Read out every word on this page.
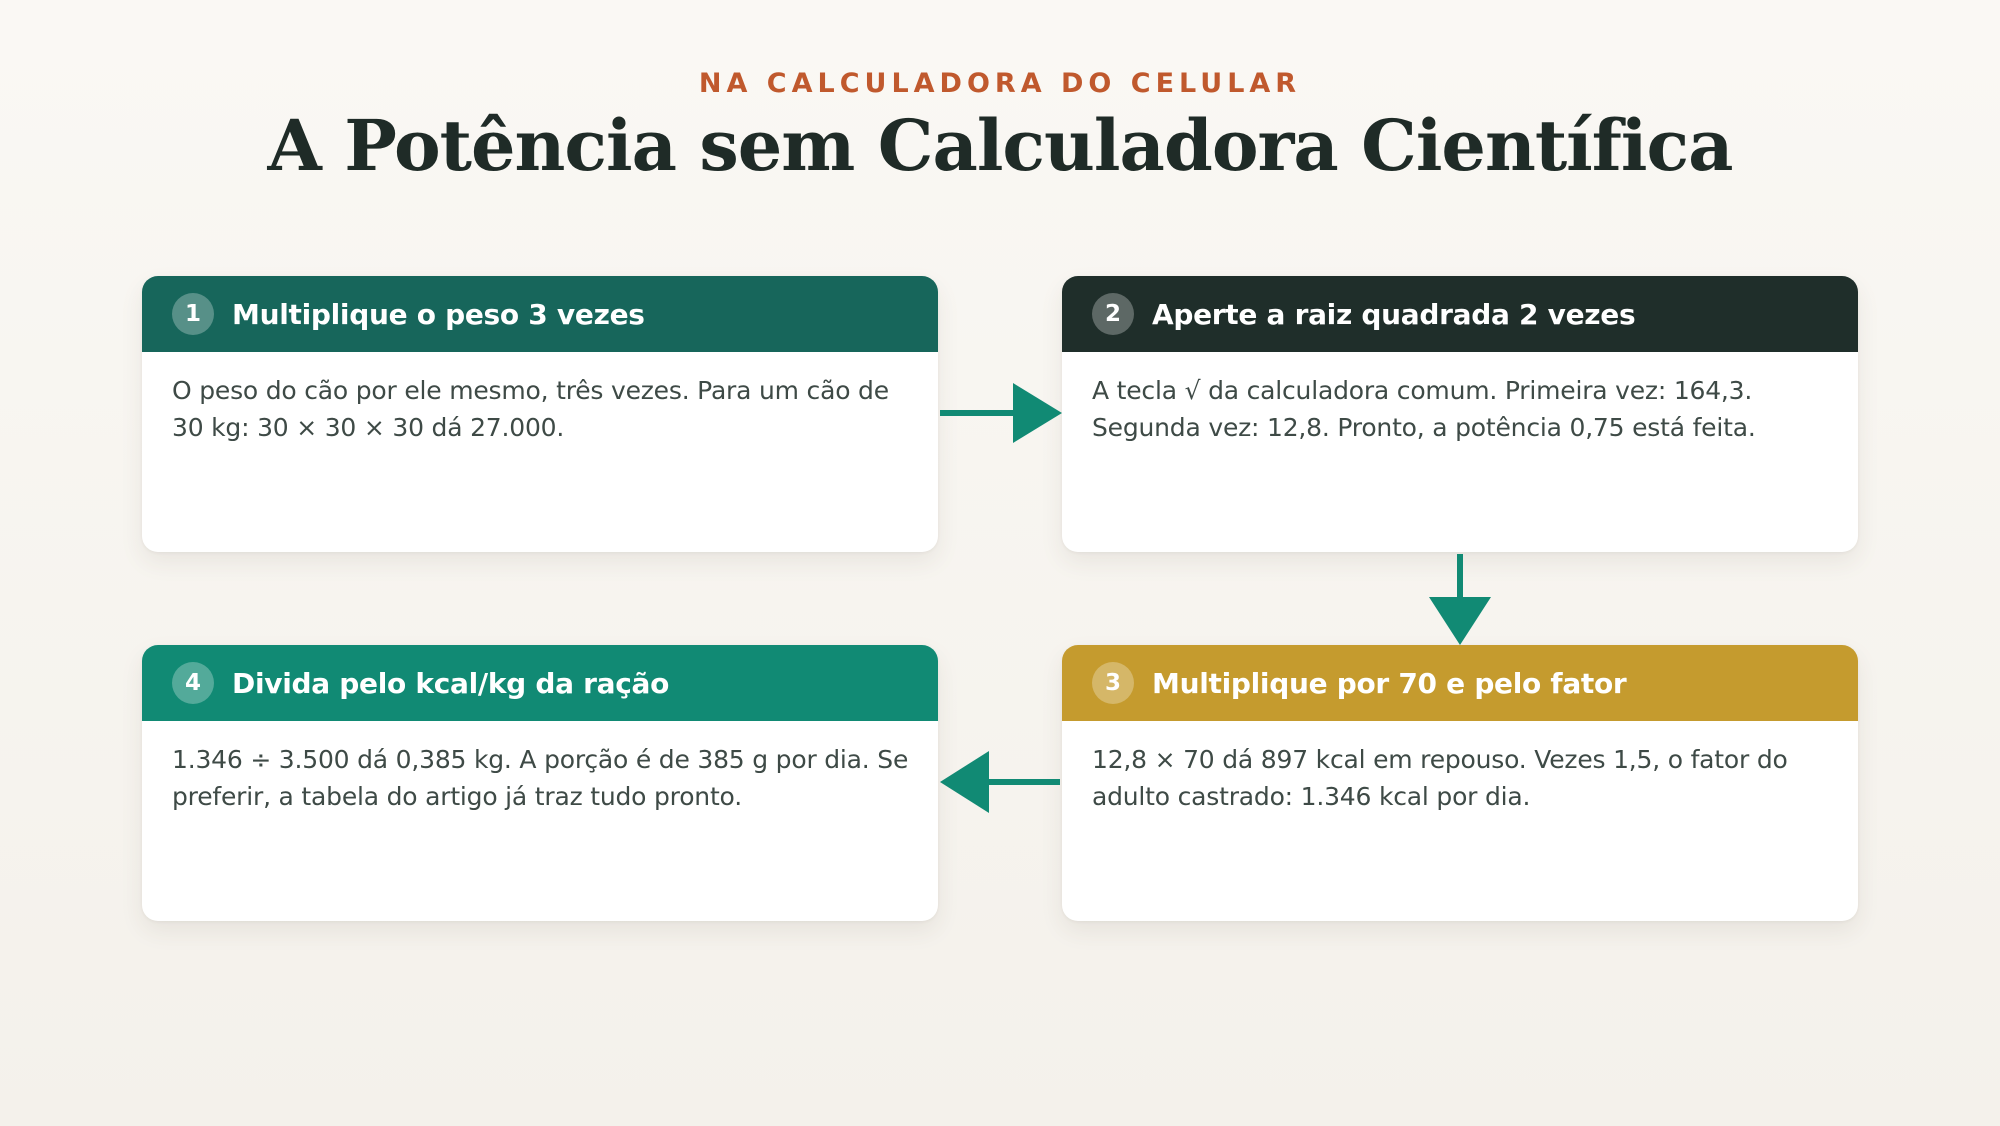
NA CALCULADORA DO CELULAR
A Potência sem Calculadora Científica
1	Multiplique o peso 3 vezes
O peso do cão por ele mesmo, três vezes. Para um cão de 30 kg: 30 × 30 × 30 dá 27.000.
2	Aperte a raiz quadrada 2 vezes
A tecla √ da calculadora comum. Primeira vez: 164,3. Segunda vez: 12,8. Pronto, a potência 0,75 está feita.
3	Multiplique por 70 e pelo fator
12,8 × 70 dá 897 kcal em repouso. Vezes 1,5, o fator do adulto castrado: 1.346 kcal por dia.
4	Divida pelo kcal/kg da ração
1.346 ÷ 3.500 dá 0,385 kg. A porção é de 385 g por dia. Se preferir, a tabela do artigo já traz tudo pronto.
